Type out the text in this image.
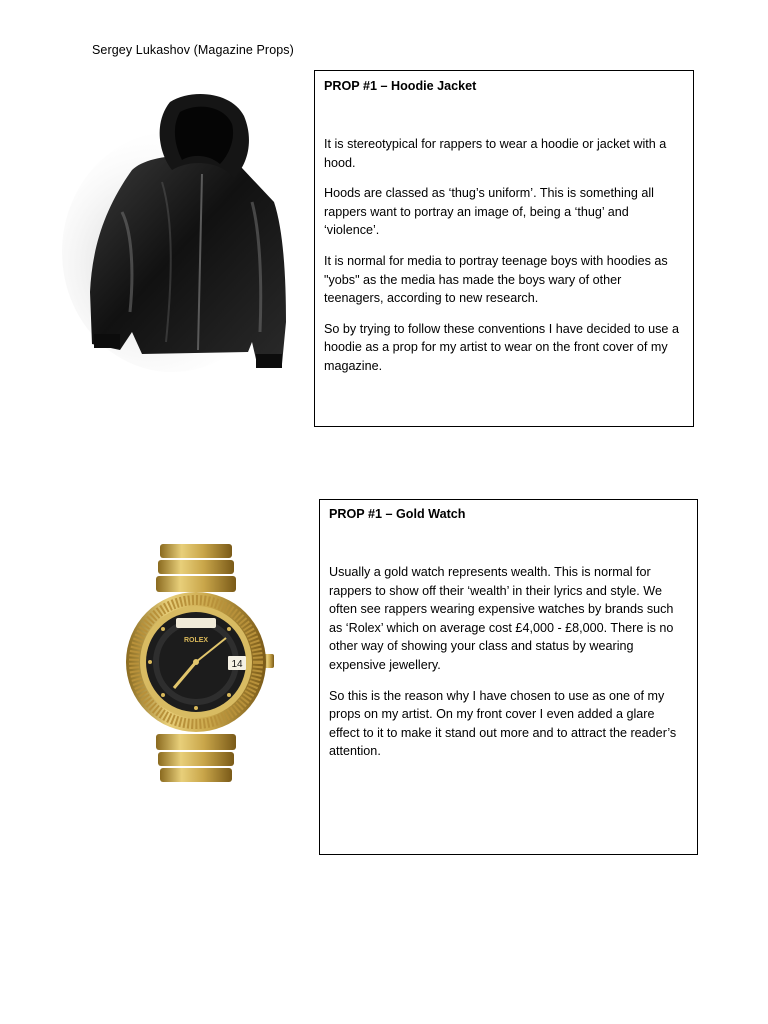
Sergey Lukashov (Magazine Props)
PROP #1 – Hoodie Jacket

It is stereotypical for rappers to wear a hoodie or jacket with a hood.

Hoods are classed as ‘thug’s uniform’. This is something all rappers want to portray an image of, being a ‘thug’ and ‘violence’.

It is normal for media to portray teenage boys with hoodies as "yobs" as the media has made the boys wary of other teenagers, according to new research.

So by trying to follow these conventions I have decided to use a hoodie as a prop for my artist to wear on the front cover of my magazine.

14
ROLEX
PROP #1 – Gold Watch

Usually a gold watch represents wealth. This is normal for rappers to show off their ‘wealth’ in their lyrics and style. We often see rappers wearing expensive watches by brands such as ‘Rolex’ which on average cost £4,000 - £8,000. There is no other way of showing your class and status by wearing expensive jewellery.

So this is the reason why I have chosen to use as one of my props on my artist. On my front cover I even added a glare effect to it to make it stand out more and to attract the reader’s attention.
